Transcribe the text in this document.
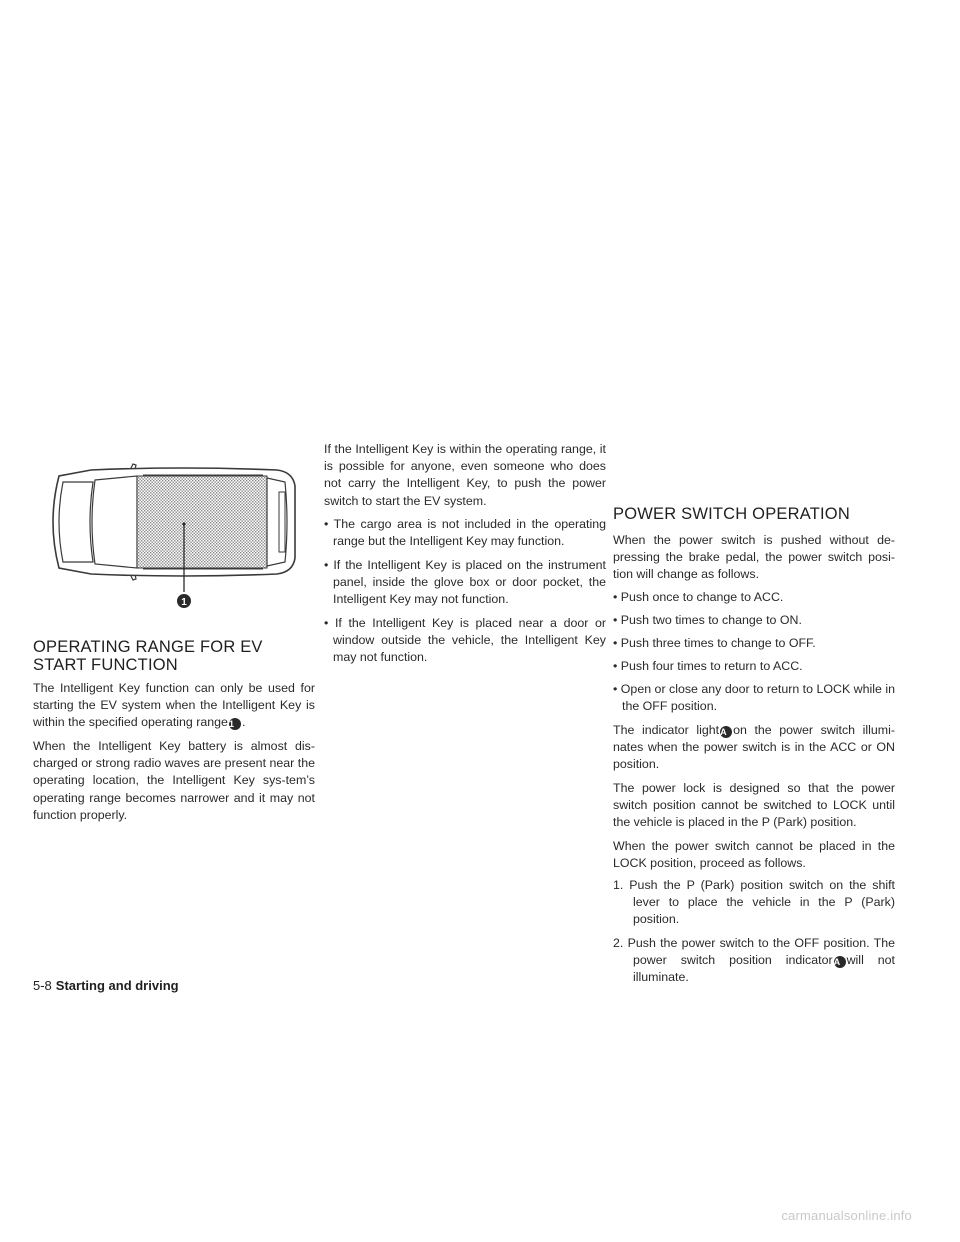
1
OPERATING RANGE FOR EV START FUNCTION

The Intelligent Key function can only be used for starting the EV system when the Intelligent Key is within the specified operating range1 .

When the Intelligent Key battery is almost dis-charged or strong radio waves are present near the operating location, the Intelligent Key sys-tem’s operating range becomes narrower and it may not function properly.

If the Intelligent Key is within the operating range, it is possible for anyone, even someone who does not carry the Intelligent Key, to push the power switch to start the EV system.

• The cargo area is not included in the operating range but the Intelligent Key may function.

• If the Intelligent Key is placed on the instrument panel, inside the glove box or door pocket, the Intelligent Key may not function.

• If the Intelligent Key is placed near a door or window outside the vehicle, the Intelligent Key may not function.

POWER SWITCH OPERATION

When the power switch is pushed without de-pressing the brake pedal, the power switch posi-tion will change as follows.

• Push once to change to ACC.

• Push two times to change to ON.

• Push three times to change to OFF.

• Push four times to return to ACC.

• Open or close any door to return to LOCK while in the OFF position.

The indicator lightA on the power switch illumi-nates when the power switch is in the ACC or ON position.

The power lock is designed so that the power switch position cannot be switched to LOCK until the vehicle is placed in the P (Park) position.

When the power switch cannot be placed in the LOCK position, proceed as follows.

1. Push the P (Park) position switch on the shift lever to place the vehicle in the P (Park) position.

2. Push the power switch to the OFF position. The power switch position indicatorA will not illuminate.

5-8 Starting and driving
carmanualsonline.info
